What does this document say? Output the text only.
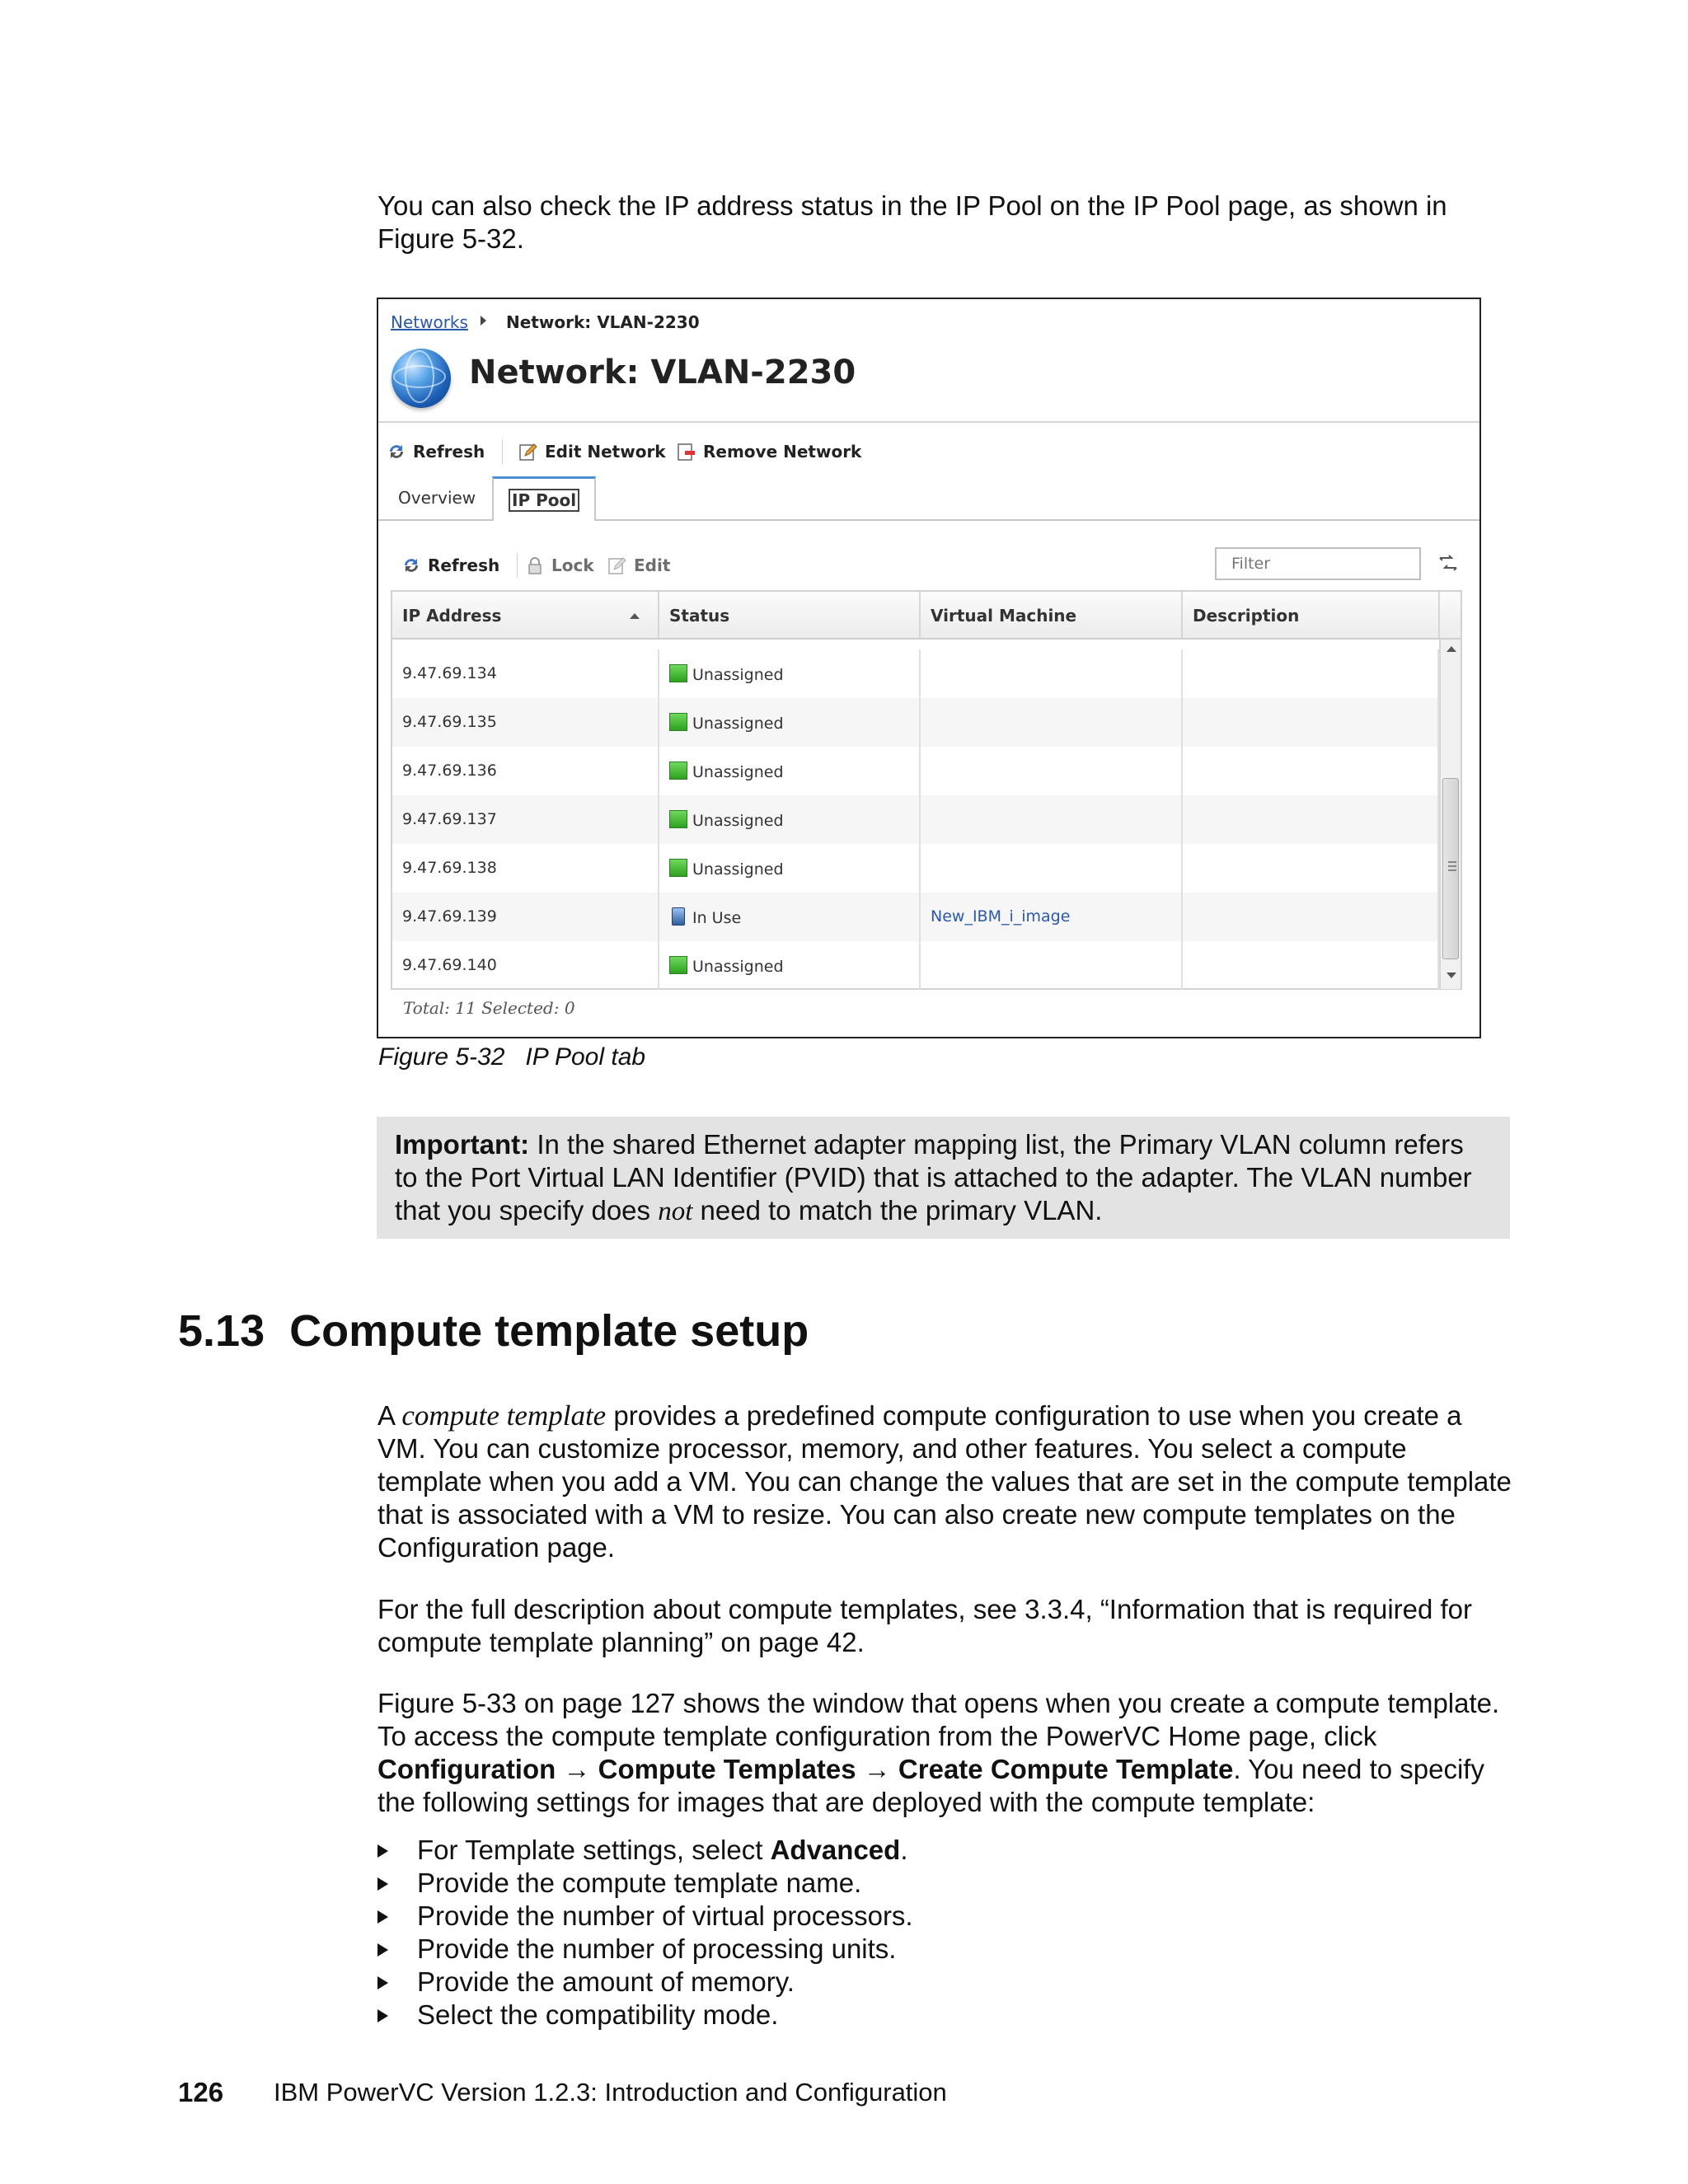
You can also check the IP address status in the IP Pool on the IP Pool page, as shown in Figure 5-32.

Networks Network: VLAN-2230
Network: VLAN-2230
Refresh	Edit Network Remove Network
Overview	IP Pool
Refresh	Lock Edit
Filter
IP Address	Status	Virtual Machine	Description
9.47.69.134	Unassigned
9.47.69.135	Unassigned
9.47.69.136	Unassigned
9.47.69.137	Unassigned
9.47.69.138	Unassigned
9.47.69.139	In Use	New_IBM_i_image
9.47.69.140	Unassigned
Total: 11 Selected: 0
Figure 5-32   IP Pool tab
Important: In the shared Ethernet adapter mapping list, the Primary VLAN column refers to the Port Virtual LAN Identifier (PVID) that is attached to the adapter. The VLAN number that you specify does not need to match the primary VLAN.
5.13 Compute template setup

A compute template provides a predefined compute configuration to use when you create a VM. You can customize processor, memory, and other features. You select a compute template when you add a VM. You can change the values that are set in the compute template that is associated with a VM to resize. You can also create new compute templates on the Configuration page.

For the full description about compute templates, see 3.3.4, “Information that is required for compute template planning” on page 42.

Figure 5-33 on page 127 shows the window that opens when you create a compute template. To access the compute template configuration from the PowerVC Home page, click Configuration → Compute Templates → Create Compute Template. You need to specify the following settings for images that are deployed with the compute template:

For Template settings, select Advanced.
Provide the compute template name.
Provide the number of virtual processors.
Provide the number of processing units.
Provide the amount of memory.
Select the compatibility mode.
126 IBM PowerVC Version 1.2.3: Introduction and Configuration
